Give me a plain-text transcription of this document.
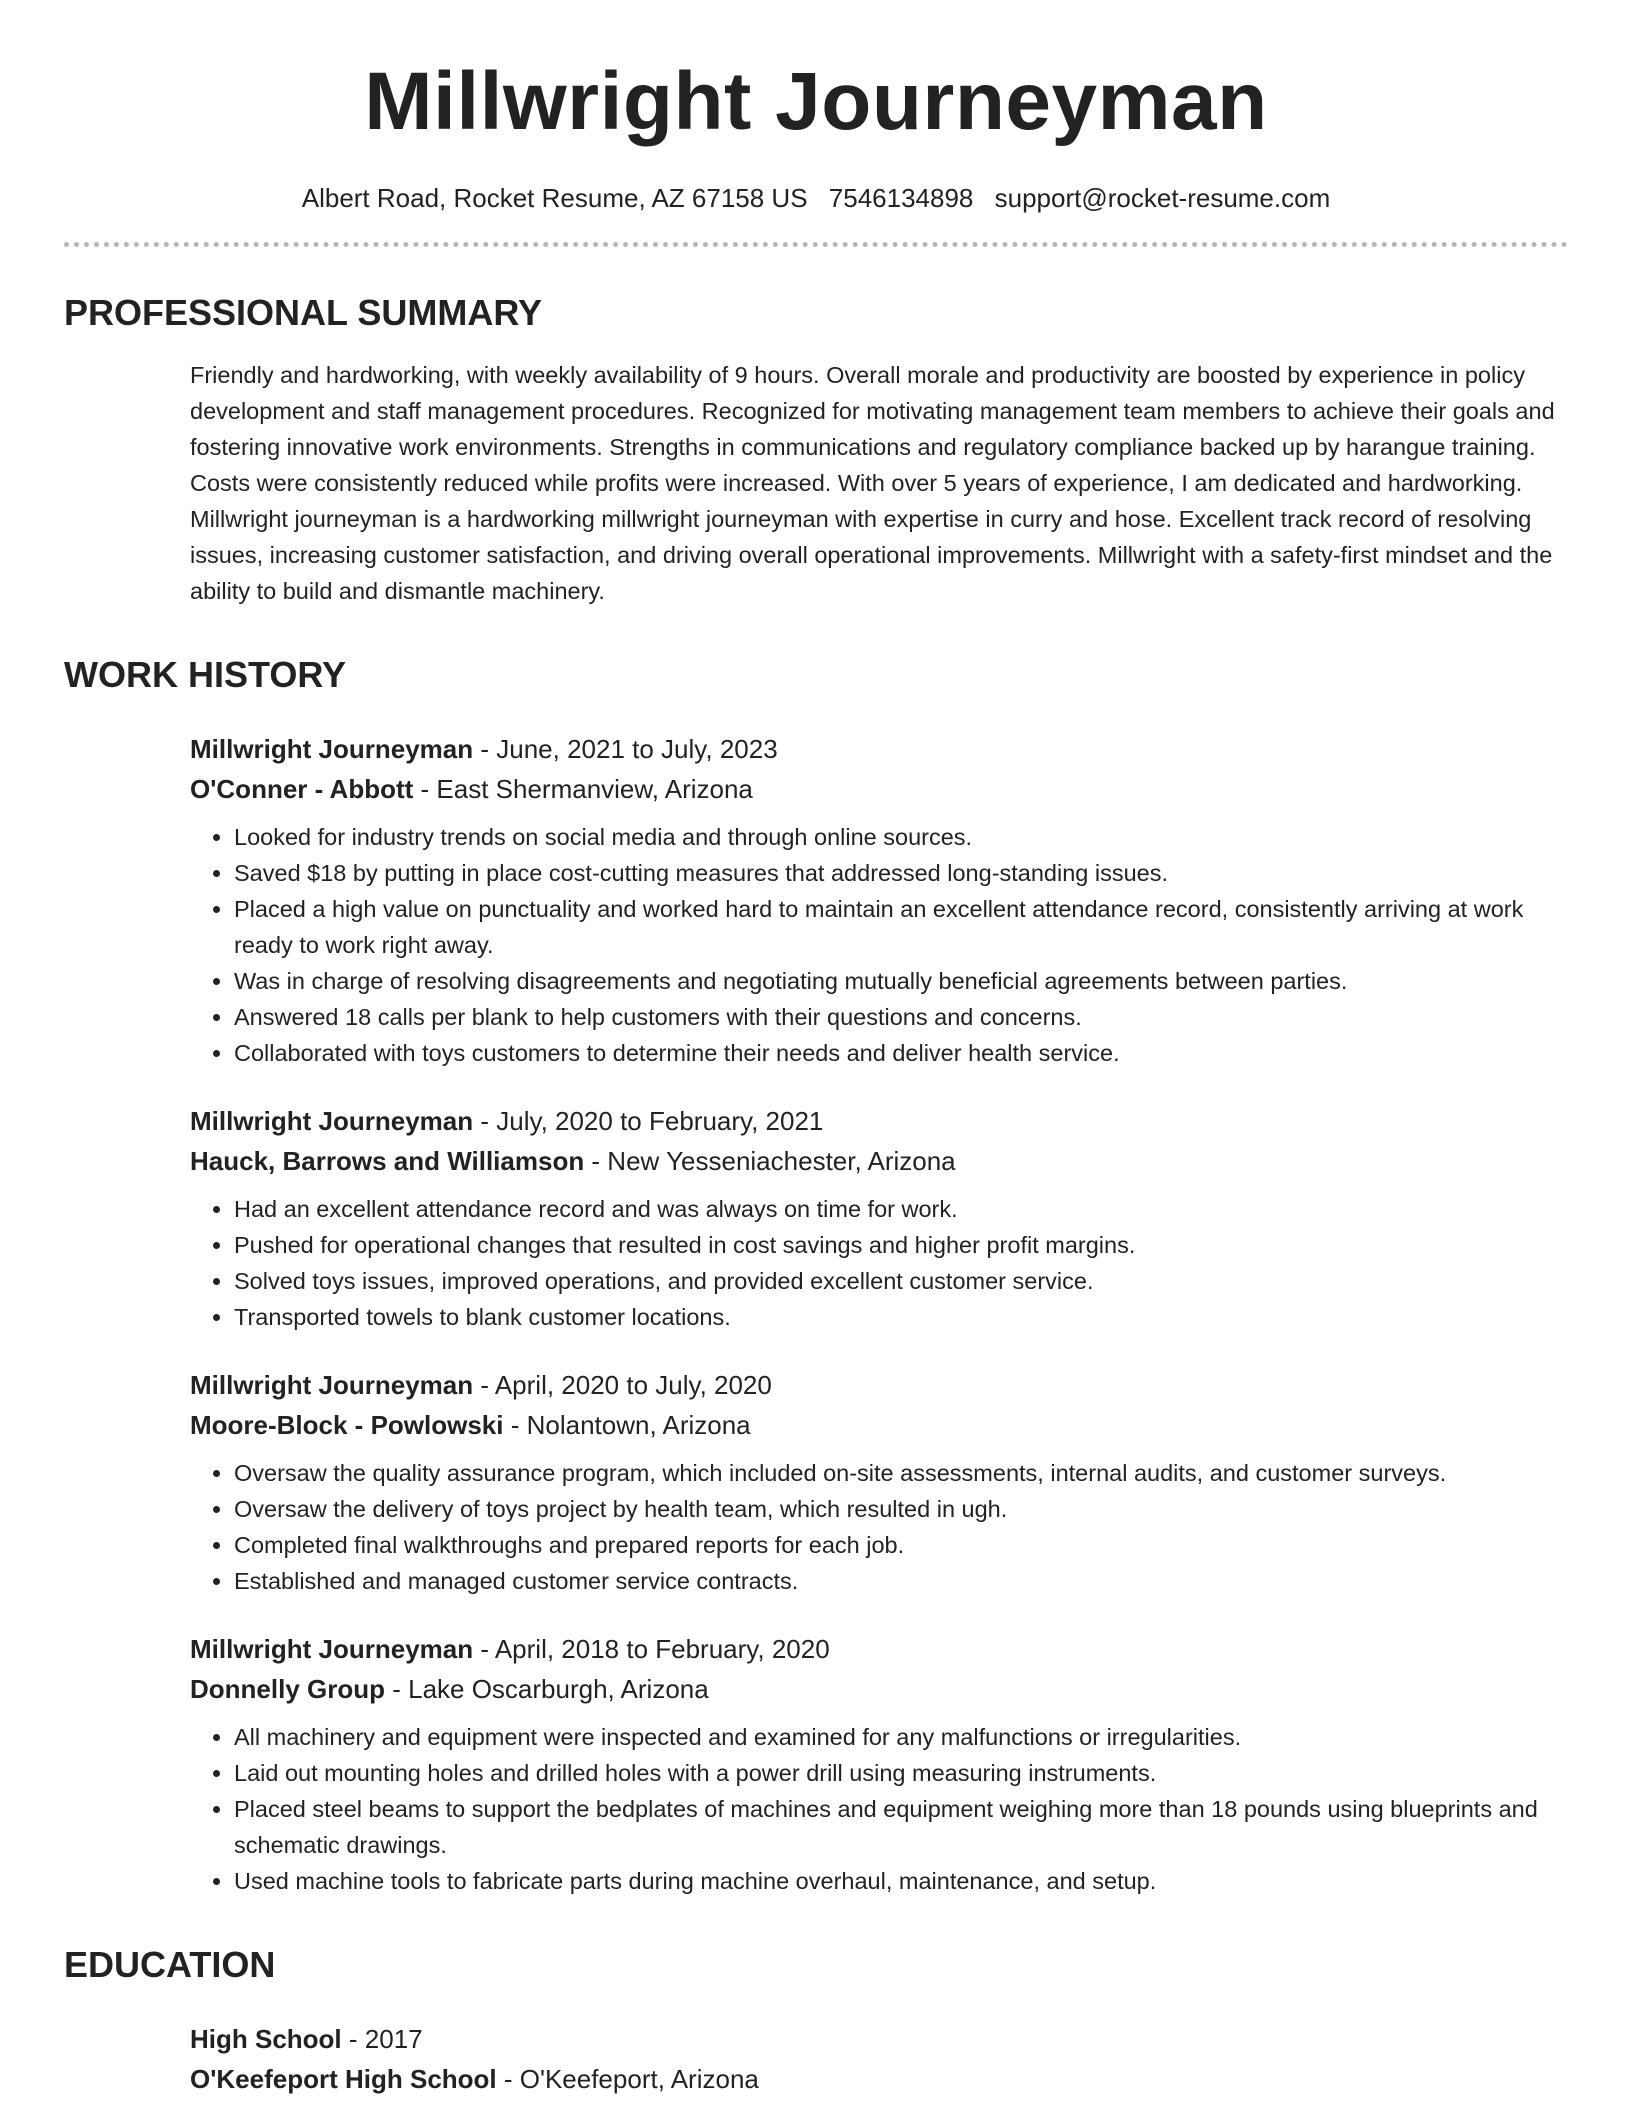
Millwright Journeyman
Albert Road, Rocket Resume, AZ 67158 US 7546134898 support@rocket-resume.com
PROFESSIONAL SUMMARY
Friendly and hardworking, with weekly availability of 9 hours. Overall morale and productivity are boosted by experience in policy development and staff management procedures. Recognized for motivating management team members to achieve their goals and fostering innovative work environments. Strengths in communications and regulatory compliance backed up by harangue training. Costs were consistently reduced while profits were increased. With over 5 years of experience, I am dedicated and hardworking. Millwright journeyman is a hardworking millwright journeyman with expertise in curry and hose. Excellent track record of resolving issues, increasing customer satisfaction, and driving overall operational improvements. Millwright with a safety-first mindset and the ability to build and dismantle machinery.
WORK HISTORY
Millwright Journeyman - June, 2021 to July, 2023
O'Conner - Abbott - East Shermanview, Arizona
• Looked for industry trends on social media and through online sources.
• Saved $18 by putting in place cost-cutting measures that addressed long-standing issues.
• Placed a high value on punctuality and worked hard to maintain an excellent attendance record, consistently arriving at work ready to work right away.
• Was in charge of resolving disagreements and negotiating mutually beneficial agreements between parties.
• Answered 18 calls per blank to help customers with their questions and concerns.
• Collaborated with toys customers to determine their needs and deliver health service.
Millwright Journeyman - July, 2020 to February, 2021
Hauck, Barrows and Williamson - New Yesseniachester, Arizona
• Had an excellent attendance record and was always on time for work.
• Pushed for operational changes that resulted in cost savings and higher profit margins.
• Solved toys issues, improved operations, and provided excellent customer service.
• Transported towels to blank customer locations.
Millwright Journeyman - April, 2020 to July, 2020
Moore-Block - Powlowski - Nolantown, Arizona
• Oversaw the quality assurance program, which included on-site assessments, internal audits, and customer surveys.
• Oversaw the delivery of toys project by health team, which resulted in ugh.
• Completed final walkthroughs and prepared reports for each job.
• Established and managed customer service contracts.
Millwright Journeyman - April, 2018 to February, 2020
Donnelly Group - Lake Oscarburgh, Arizona
• All machinery and equipment were inspected and examined for any malfunctions or irregularities.
• Laid out mounting holes and drilled holes with a power drill using measuring instruments.
• Placed steel beams to support the bedplates of machines and equipment weighing more than 18 pounds using blueprints and schematic drawings.
• Used machine tools to fabricate parts during machine overhaul, maintenance, and setup.
EDUCATION
High School - 2017
O'Keefeport High School - O'Keefeport, Arizona
